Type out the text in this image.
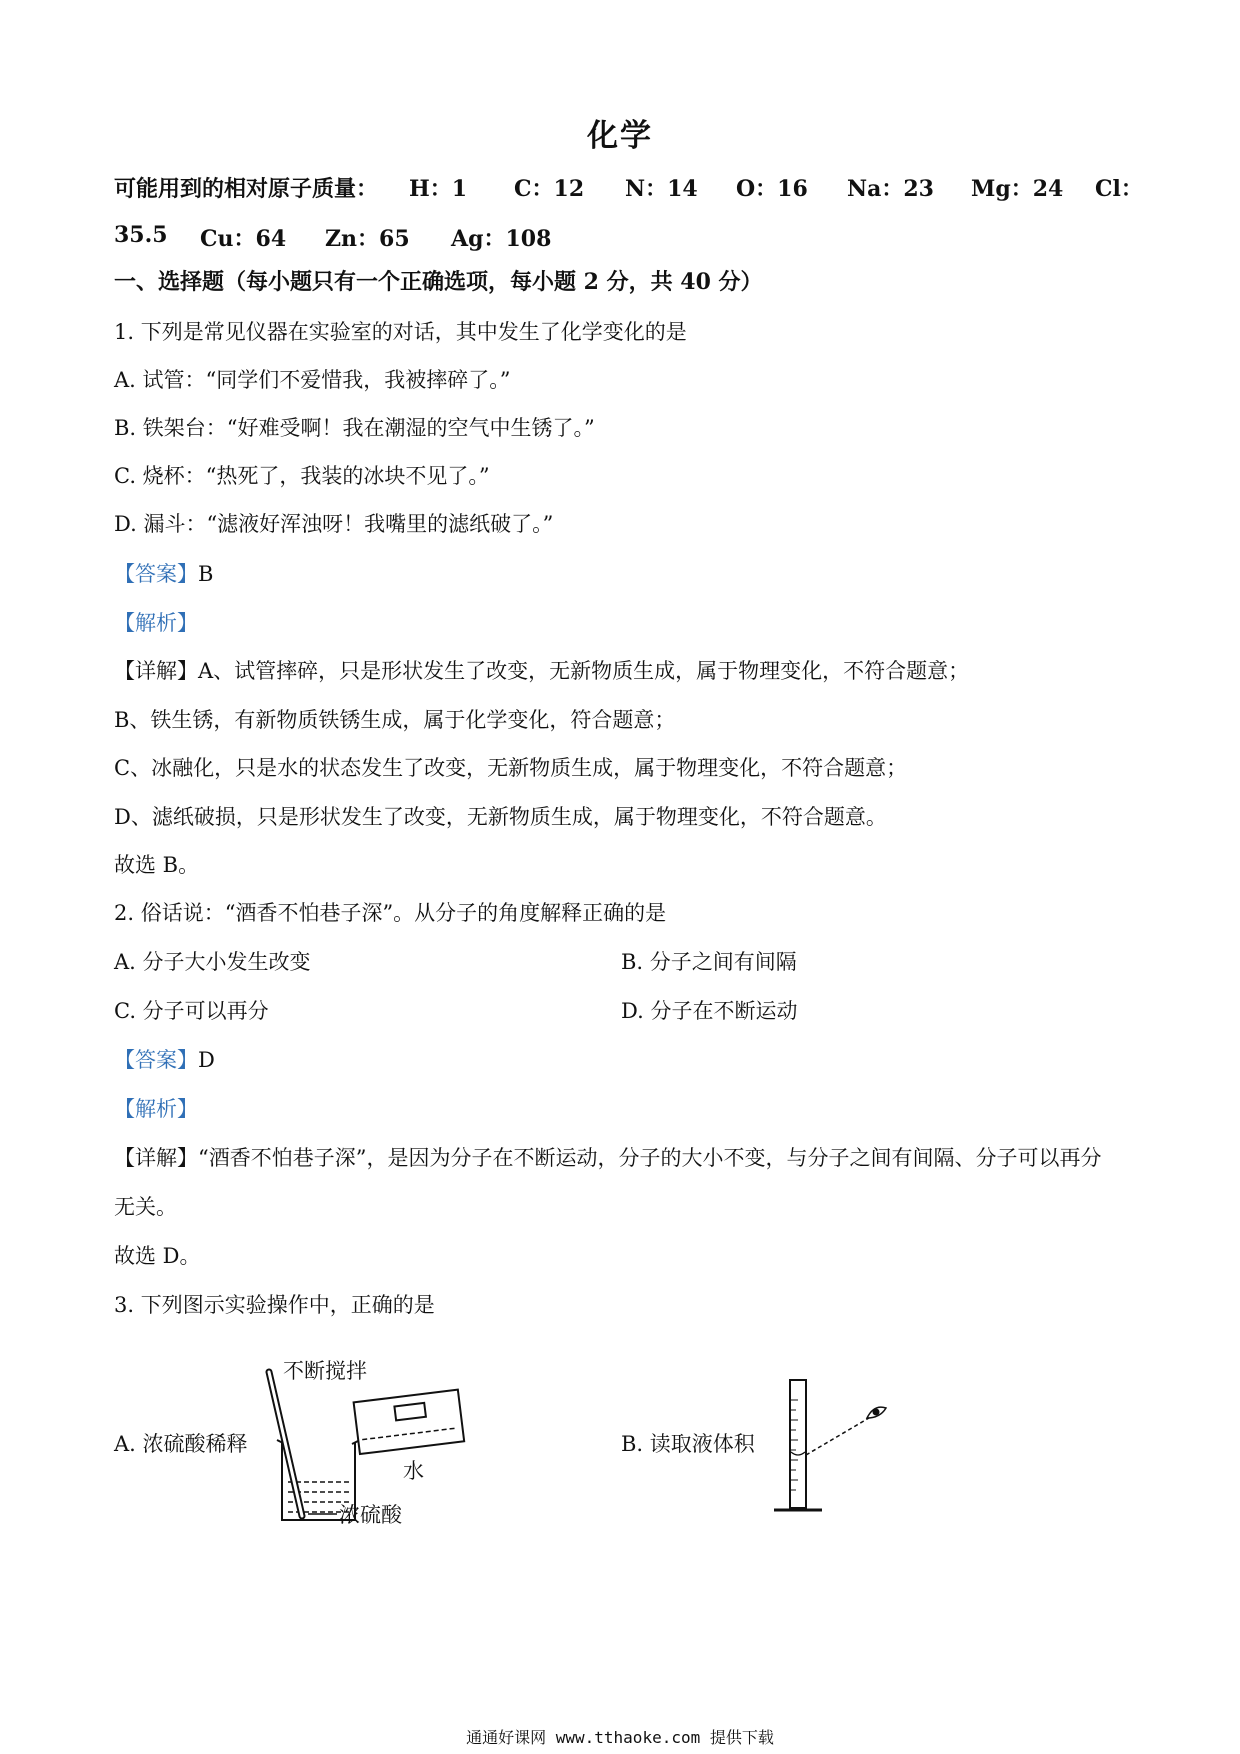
化学
可能用到的相对原子质量： H：1 C：12 N：14 O：16 Na：23 Mg：24 Cl：
35.5 Cu：64 Zn：65 Ag：108
一、选择题（每小题只有一个正确选项，每小题 2 分，共 40 分）
1. 下列是常见仪器在实验室的对话，其中发生了化学变化的是
A. 试管：“同学们不爱惜我，我被摔碎了。”
B. 铁架台：“好难受啊！我在潮湿的空气中生锈了。”
C. 烧杯：“热死了，我装的冰块不见了。”
D. 漏斗：“滤液好浑浊呀！我嘴里的滤纸破了。”
【答案】B
【解析】
【详解】A、试管摔碎，只是形状发生了改变，无新物质生成，属于物理变化，不符合题意；
B、铁生锈，有新物质铁锈生成，属于化学变化，符合题意；
C、冰融化，只是水的状态发生了改变，无新物质生成，属于物理变化，不符合题意；
D、滤纸破损，只是形状发生了改变，无新物质生成，属于物理变化，不符合题意。
故选 B。
2. 俗话说：“酒香不怕巷子深”。从分子的角度解释正确的是
A. 分子大小发生改变	B. 分子之间有间隔
C. 分子可以再分	D. 分子在不断运动
【答案】D
【解析】
【详解】“酒香不怕巷子深”，是因为分子在不断运动，分子的大小不变，与分子之间有间隔、分子可以再分
无关。
故选 D。
3. 下列图示实验操作中，正确的是
A. 浓硫酸稀释	B. 读取液体积
不断搅拌
水
浓硫酸
通通好课网 www.tthaoke.com 提供下载
